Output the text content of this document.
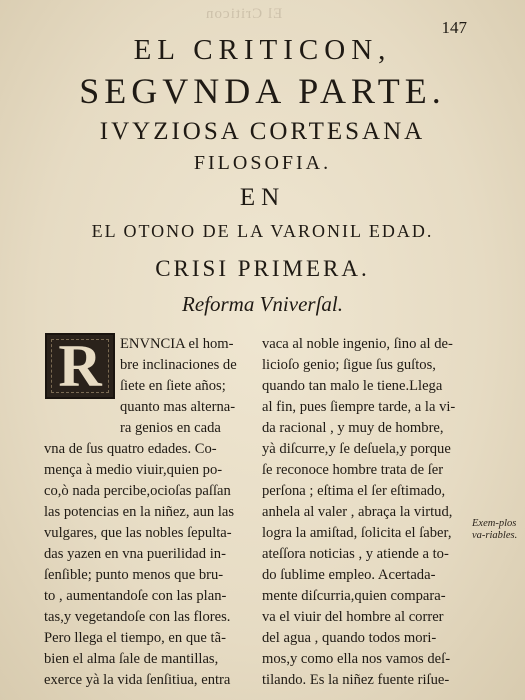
El Criticon
147
EL CRITICON,
SEGVNDA PARTE.
IVYZIOSA CORTESANA
FILOSOFIA.
EN
EL OTONO DE LA VARONIL EDAD.
CRISI PRIMERA.
Reforma Vniverſal.
R	ENVNCIA el hom-
bre inclinaciones de
ſiete en ſiete años;
quanto mas alterna-
ra genios en cada
vna de ſus quatro edades. Co-
mença à medio viuir,quien po-
co,ò nada percibe,ocioſas paſſan
las potencias en la niñez, aun las
vulgares, que las nobles ſepulta-
das yazen en vna puerilidad in-
ſenſible; punto menos que bru-
to , aumentandoſe con las plan-
tas,y vegetandoſe con las flores.
Pero llega el tiempo, en que tã-
bien el alma ſale de mantillas,
exerce yà la vida ſenſitiua, entra
vaca al noble ingenio, ſino al de-
licioſo genio; ſigue ſus guſtos,
quando tan malo le tiene.Llega
al fin, pues ſiempre tarde, a la vi-
da racional , y muy de hombre,
yà diſcurre,y ſe deſuela,y porque
ſe reconoce hombre trata de ſer
perſona ; eſtima el ſer eſtimado,
anhela al valer , abraça la virtud,
logra la amiſtad, ſolicita el ſaber,
ateſſora noticias , y atiende a to-
do ſublime empleo. Acertada-
mente diſcurria,quien compara-
va el viuir del hombre al correr
del agua , quando todos mori-
mos,y como ella nos vamos deſ-
tilando. Es la niñez fuente riſue-
Exem-plos va-riables.
